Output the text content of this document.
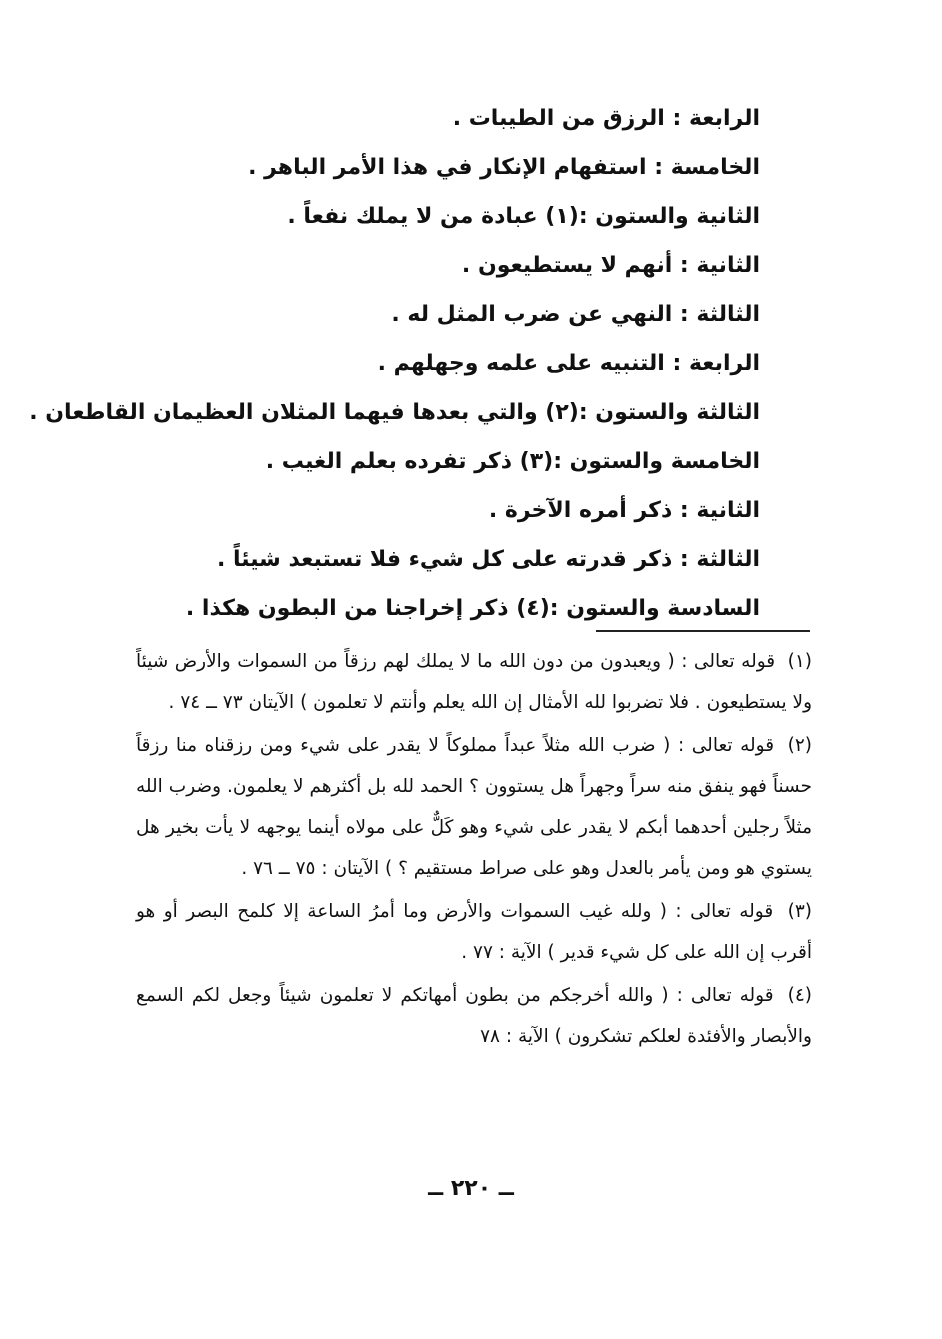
الرابعة : الرزق من الطيبات .
الخامسة : استفهام الإنكار في هذا الأمر الباهر .
الثانية والستون :(١) عبادة من لا يملك نفعاً .
الثانية : أنهم لا يستطيعون .
الثالثة : النهي عن ضرب المثل له .
الرابعة : التنبيه على علمه وجهلهم .
الثالثة والستون :(٢) والتي بعدها فيهما المثلان العظيمان القاطعان .
الخامسة والستون :(٣) ذكر تفرده بعلم الغيب .
الثانية : ذكر أمره الآخرة .
الثالثة : ذكر قدرته على كل شيء فلا تستبعد شيئاً .
السادسة والستون :(٤) ذكر إخراجنا من البطون هكذا .

(١) قوله تعالى : ( ويعبدون من دون الله ما لا يملك لهم رزقاً من السموات والأرض شيئاً ولا يستطيعون . فلا تضربوا لله الأمثال إن الله يعلم وأنتم لا تعلمون ) الآيتان ٧٣ ــ ٧٤ .

(٢) قوله تعالى : ( ضرب الله مثلاً عبداً مملوكاً لا يقدر على شيء ومن رزقناه منا رزقاً حسناً فهو ينفق منه سراً وجهراً هل يستوون ؟ الحمد لله بل أكثرهم لا يعلمون. وضرب الله مثلاً رجلين أحدهما أبكم لا يقدر على شيء وهو كَلٌّ على مولاه أينما يوجهه لا يأت بخير هل يستوي هو ومن يأمر بالعدل وهو على صراط مستقيم ؟ ) الآيتان : ٧٥ ــ ٧٦ .

(٣) قوله تعالى : ( ولله غيب السموات والأرض وما أمرُ الساعة إلا كلمح البصر أو هو أقرب إن الله على كل شيء قدير ) الآية : ٧٧ .

(٤) قوله تعالى : ( والله أخرجكم من بطون أمهاتكم لا تعلمون شيئاً وجعل لكم السمع والأبصار والأفئدة لعلكم تشكرون ) الآية : ٧٨

ــ ٢٢٠ ــ
